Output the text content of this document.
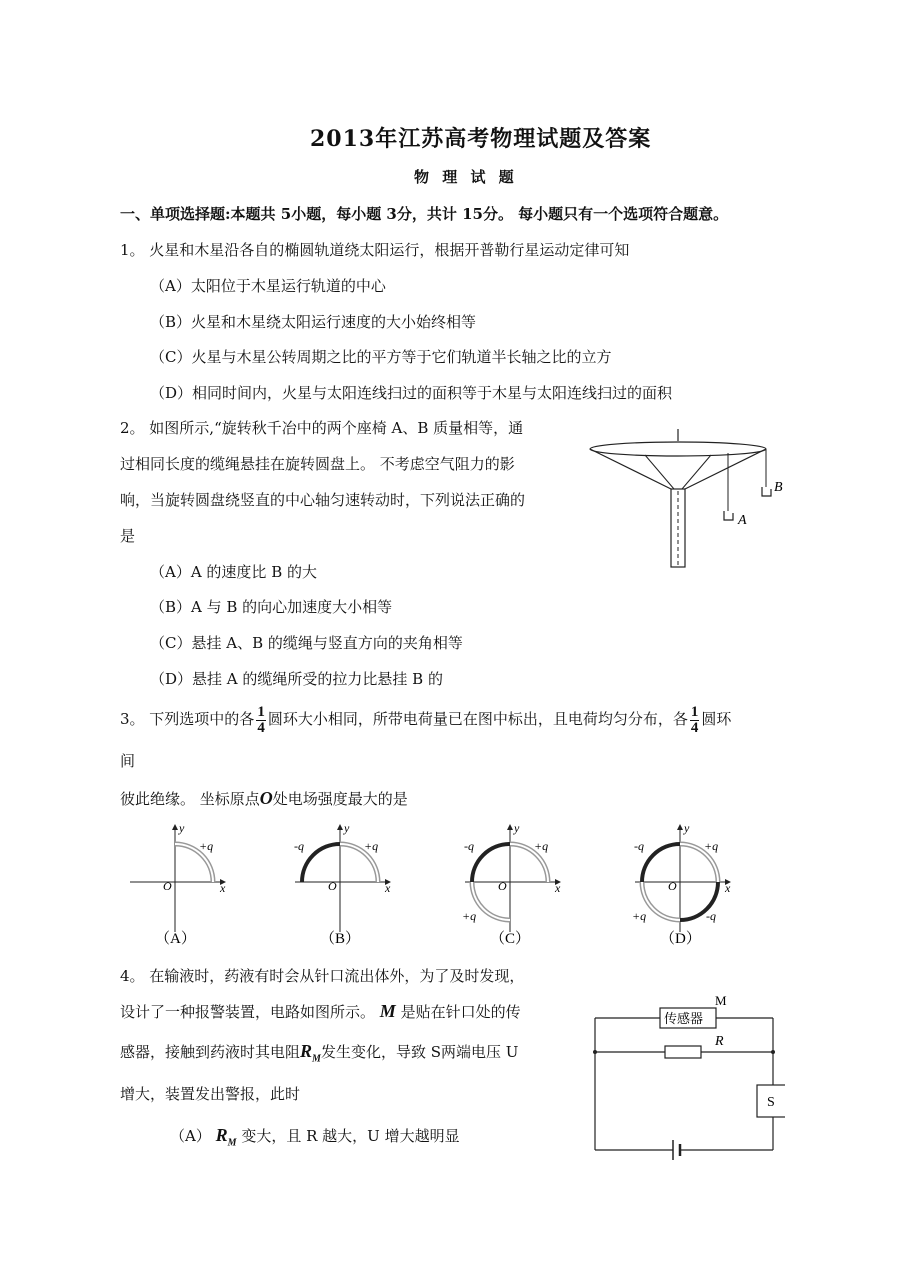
2013年江苏高考物理试题及答案
物 理 试 题
一、单项选择题:本题共 5小题，每小题 3分，共计 15分。 每小题只有一个选项符合题意。
1。 火星和木星沿各自的椭圆轨道绕太阳运行，根据开普勒行星运动定律可知
（A）太阳位于木星运行轨道的中心
（B）火星和木星绕太阳运行速度的大小始终相等
（C）火星与木星公转周期之比的平方等于它们轨道半长轴之比的立方
（D）相同时间内，火星与太阳连线扫过的面积等于木星与太阳连线扫过的面积
2。 如图所示,“旋转秋千冶中的两个座椅 A、B 质量相等，通
过相同长度的缆绳悬挂在旋转圆盘上。 不考虑空气阻力的影
响，当旋转圆盘绕竖直的中心轴匀速转动时，下列说法正确的
是
（A）A 的速度比 B 的大
（B）A 与 B 的向心加速度大小相等
（C）悬挂 A、B 的缆绳与竖直方向的夹角相等
（D）悬挂 A 的缆绳所受的拉力比悬挂 B 的
A
B
3。 下列选项中的各 $\frac{1}{4}$ 圆环大小相同，所带电荷量已在图中标出，且电荷均匀分布，各 $\frac{1}{4}$ 圆环
间
彼此绝缘。 坐标原点O处电场强度最大的是
+q
O	x
y
（A）
-q	+q
O	x
y
（B）
-q	+q
+q
O	x
y
（C）
-q	+q
+q	-q
O	x
y
（D）
4。 在输液时，药液有时会从针口流出体外，为了及时发现，
设计了一种报警装置，电路如图所示。 M 是贴在针口处的传
感器，接触到药液时其电阻$R_M$发生变化，导致 S两端电压 U
增大，装置发出警报，此时
（A） $R_M$ 变大，且 R 越大，U 增大越明显
传感器
M
R
S
